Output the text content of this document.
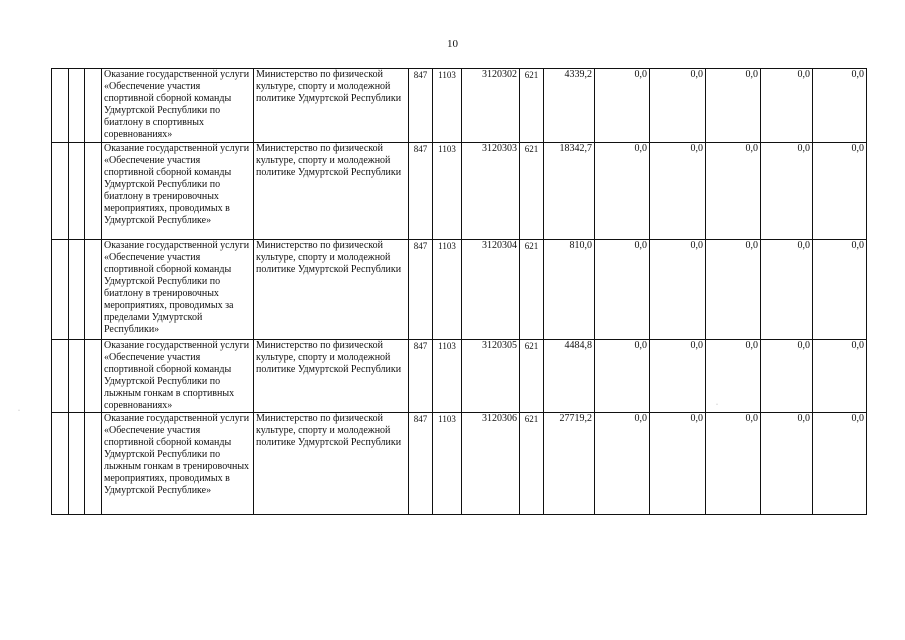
10
			Оказание государственной услуги «Обеспечение участия спортивной сборной команды Удмуртской Республики по биатлону в спортивных соревнованиях»	Министерство по физической культуре, спорту и молодежной политике Удмуртской Республики	847	1103	3120302	621	4339,2	0,0	0,0	0,0	0,0	0,0
			Оказание государственной услуги «Обеспечение участия спортивной сборной команды Удмуртской Республики по биатлону в тренировочных мероприятиях, проводимых в Удмуртской Республике»	Министерство по физической культуре, спорту и молодежной политике Удмуртской Республики	847	1103	3120303	621	18342,7	0,0	0,0	0,0	0,0	0,0
			Оказание государственной услуги «Обеспечение участия спортивной сборной команды Удмуртской Республики по биатлону в тренировочных мероприятиях, проводимых за пределами Удмуртской Республики»	Министерство по физической культуре, спорту и молодежной политике Удмуртской Республики	847	1103	3120304	621	810,0	0,0	0,0	0,0	0,0	0,0
			Оказание государственной услуги «Обеспечение участия спортивной сборной команды Удмуртской Республики по лыжным гонкам в спортивных соревнованиях»	Министерство по физической культуре, спорту и молодежной политике Удмуртской Республики	847	1103	3120305	621	4484,8	0,0	0,0	0,0	0,0	0,0
			Оказание государственной услуги «Обеспечение участия спортивной сборной команды Удмуртской Республики по лыжным гонкам в тренировочных мероприятиях, проводимых в Удмуртской Республике»	Министерство по физической культуре, спорту и молодежной политике Удмуртской Республики	847	1103	3120306	621	27719,2	0,0	0,0	0,0	0,0	0,0
·
·
